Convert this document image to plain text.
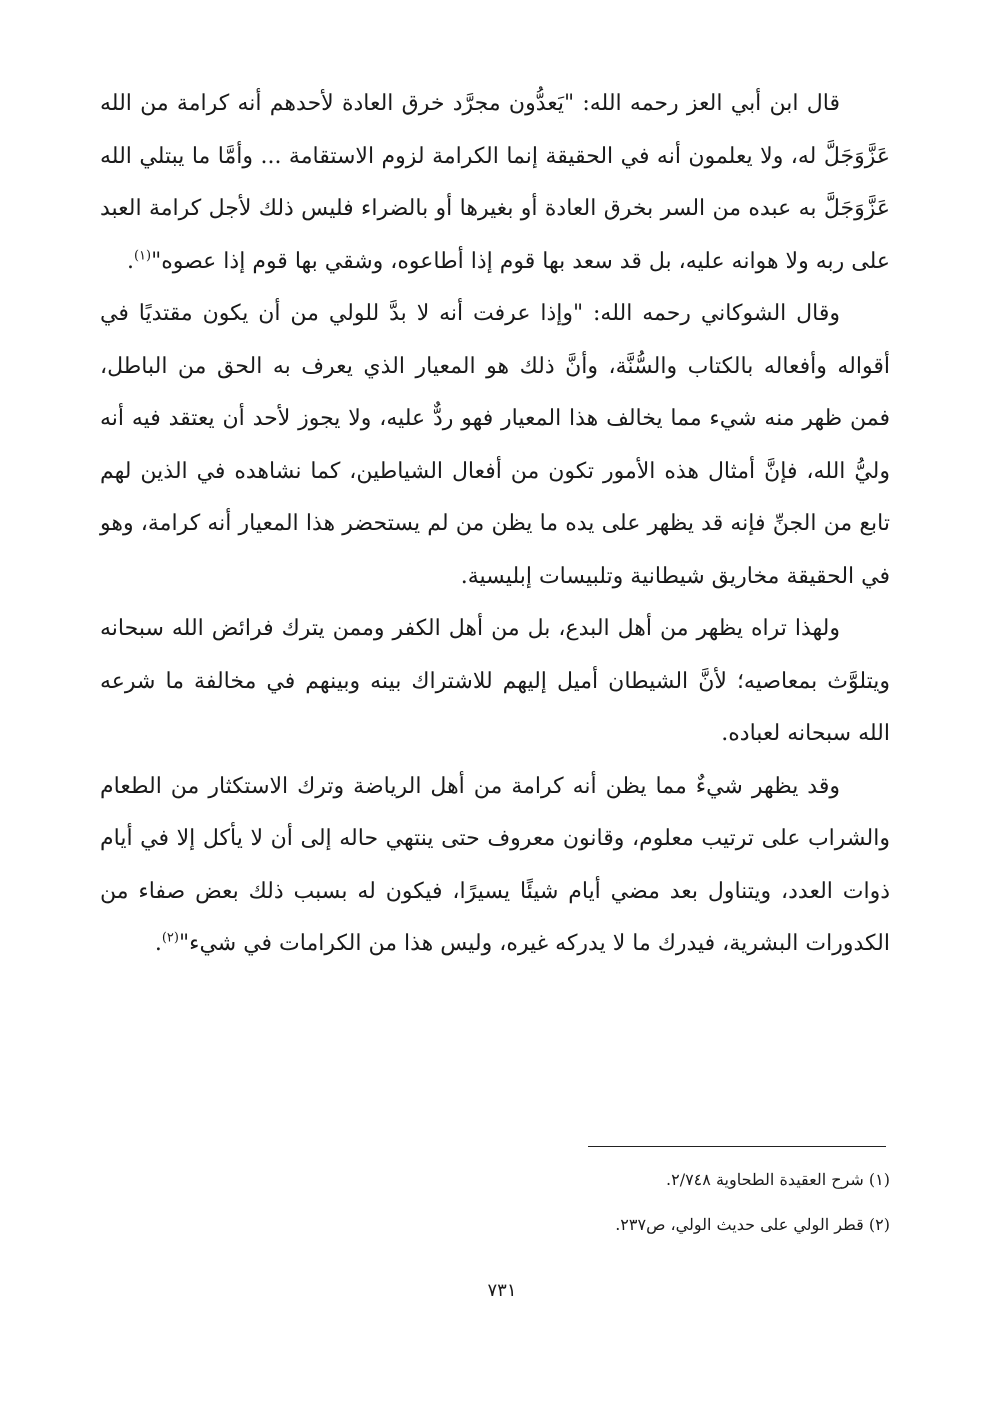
قال ابن أبي العز رحمه الله: "يَعدُّون مجرَّد خرق العادة لأحدهم أنه كرامة من الله عَزَّوَجَلَّ له، ولا يعلمون أنه في الحقيقة إنما الكرامة لزوم الاستقامة ... وأمَّا ما يبتلي الله عَزَّوَجَلَّ به عبده من السر بخرق العادة أو بغيرها أو بالضراء فليس ذلك لأجل كرامة العبد على ربه ولا هوانه عليه، بل قد سعد بها قوم إذا أطاعوه، وشقي بها قوم إذا عصوه"$^{(١)}$.

وقال الشوكاني رحمه الله: "وإذا عرفت أنه لا بدَّ للولي من أن يكون مقتديًا في أقواله وأفعاله بالكتاب والسُّنَّة، وأنَّ ذلك هو المعيار الذي يعرف به الحق من الباطل، فمن ظهر منه شيء مما يخالف هذا المعيار فهو ردٌّ عليه، ولا يجوز لأحد أن يعتقد فيه أنه وليُّ الله، فإنَّ أمثال هذه الأمور تكون من أفعال الشياطين، كما نشاهده في الذين لهم تابع من الجنِّ فإنه قد يظهر على يده ما يظن من لم يستحضر هذا المعيار أنه كرامة، وهو في الحقيقة مخاريق شيطانية وتلبيسات إبليسية.

ولهذا تراه يظهر من أهل البدع، بل من أهل الكفر وممن يترك فرائض الله سبحانه ويتلوَّث بمعاصيه؛ لأنَّ الشيطان أميل إليهم للاشتراك بينه وبينهم في مخالفة ما شرعه الله سبحانه لعباده.

وقد يظهر شيءٌ مما يظن أنه كرامة من أهل الرياضة وترك الاستكثار من الطعام والشراب على ترتيب معلوم، وقانون معروف حتى ينتهي حاله إلى أن لا يأكل إلا في أيام ذوات العدد، ويتناول بعد مضي أيام شيئًا يسيرًا، فيكون له بسبب ذلك بعض صفاء من الكدورات البشرية، فيدرك ما لا يدركه غيره، وليس هذا من الكرامات في شيء"$^{(٢)}$.

(١) شرح العقيدة الطحاوية ٢/٧٤٨.

(٢) قطر الولي على حديث الولي، ص٢٣٧.

٧٣١
